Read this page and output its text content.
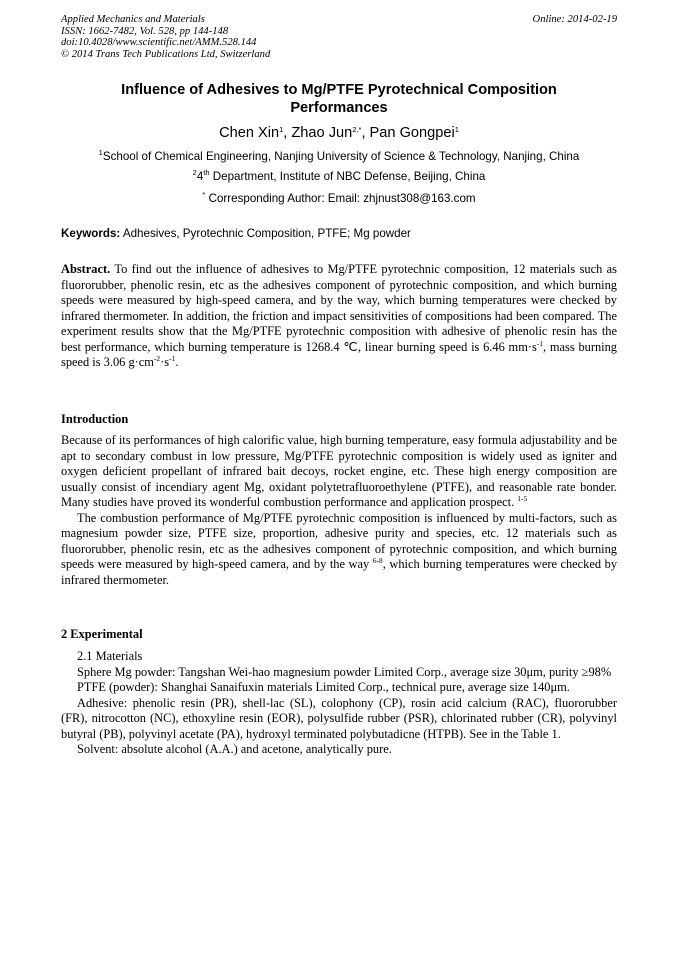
Applied Mechanics and Materials
ISSN: 1662-7482, Vol. 528, pp 144-148
doi:10.4028/www.scientific.net/AMM.528.144
© 2014 Trans Tech Publications Ltd, Switzerland
Online: 2014-02-19
Influence of Adhesives to Mg/PTFE Pyrotechnical Composition
Performances
Chen Xin$^1$, Zhao Jun$^{2,*}$, Pan Gongpei$^1$
$^1$School of Chemical Engineering, Nanjing University of Science & Technology, Nanjing, China
$^2$4th Department, Institute of NBC Defense, Beijing, China
* Corresponding Author: Email: zhjnust308@163.com
Keywords: Adhesives, Pyrotechnic Composition, PTFE; Mg powder

Abstract. To find out the influence of adhesives to Mg/PTFE pyrotechnic composition, 12 materials such as fluororubber, phenolic resin, etc as the adhesives component of pyrotechnic composition, and which burning speeds were measured by high-speed camera, and by the way, which burning temperatures were checked by infrared thermometer. In addition, the friction and impact sensitivities of compositions had been compared. The experiment results show that the Mg/PTFE pyrotechnic composition with adhesive of phenolic resin has the best performance, which burning temperature is 1268.4 ℃, linear burning speed is 6.46 $mm\cdot s^{-1}$, mass burning speed is 3.06 $g\cdot cm^{-2}\cdot s^{-1}$.

Introduction

Because of its performances of high calorific value, high burning temperature, easy formula adjustability and be apt to secondary combust in low pressure, Mg/PTFE pyrotechnic composition is widely used as igniter and oxygen deficient propellant of infrared bait decoys, rocket engine, etc. These high energy composition are usually consist of incendiary agent Mg, oxidant polytetrafluoroethylene (PTFE), and reasonable rate bonder. Many studies have proved its wonderful combustion performance and application prospect. $^{1-5}$

The combustion performance of Mg/PTFE pyrotechnic composition is influenced by multi-factors, such as magnesium powder size, PTFE size, proportion, adhesive purity and species, etc. 12 materials such as fluororubber, phenolic resin, etc as the adhesives component of pyrotechnic composition, and which burning speeds were measured by high-speed camera, and by the way $^{6-8}$, which burning temperatures were checked by infrared thermometer.

2 Experimental

2.1 Materials

Sphere Mg powder: Tangshan Wei-hao magnesium powder Limited Corp., average size 30μm, purity ≥98%

PTFE (powder): Shanghai Sanaifuxin materials Limited Corp., technical pure, average size 140μm.

Adhesive: phenolic resin (PR), shell-lac (SL), colophony (CP), rosin acid calcium (RAC), fluororubber (FR), nitrocotton (NC), ethoxyline resin (EOR), polysulfide rubber (PSR), chlorinated rubber (CR), polyvinyl butyral (PB), polyvinyl acetate (PA), hydroxyl terminated polybutadicne (HTPB). See in the Table 1.

Solvent: absolute alcohol (A.A.) and acetone, analytically pure.
